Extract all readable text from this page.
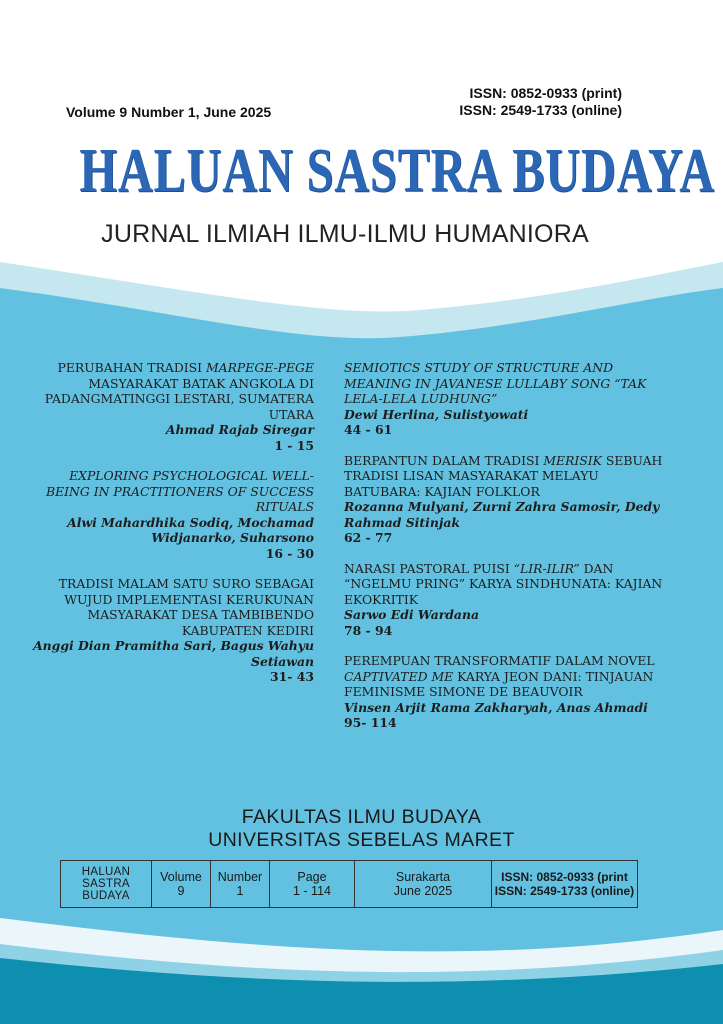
Volume 9 Number 1, June 2025
ISSN: 0852-0933 (print)
ISSN: 2549-1733 (online)
HALUAN SASTRA BUDAYA
JURNAL ILMIAH ILMU-ILMU HUMANIORA
PERUBAHAN TRADISI MARPEGE-PEGE MASYARAKAT BATAK ANGKOLA DI PADANGMATINGGI LESTARI, SUMATERA UTARA
Ahmad Rajab Siregar
1 - 15
EXPLORING PSYCHOLOGICAL WELL-BEING IN PRACTITIONERS OF SUCCESS RITUALS
Alwi Mahardhika Sodiq, Mochamad Widjanarko, Suharsono
16 - 30
TRADISI MALAM SATU SURO SEBAGAI WUJUD IMPLEMENTASI KERUKUNAN MASYARAKAT DESA TAMBIBENDO KABUPATEN KEDIRI
Anggi Dian Pramitha Sari, Bagus Wahyu Setiawan
31- 43
SEMIOTICS STUDY OF STRUCTURE AND MEANING IN JAVANESE LULLABY SONG “TAK LELA-LELA LUDHUNG”
Dewi Herlina, Sulistyowati
44 - 61
BERPANTUN DALAM TRADISI MERISIK SEBUAH TRADISI LISAN MASYARAKAT MELAYU BATUBARA: KAJIAN FOLKLOR
Rozanna Mulyani, Zurni Zahra Samosir, Dedy Rahmad Sitinjak
62 - 77
NARASI PASTORAL PUISI “LIR-ILIR” DAN “NGELMU PRING” KARYA SINDHUNATA: KAJIAN EKOKRITIK
Sarwo Edi Wardana
78 - 94
PEREMPUAN TRANSFORMATIF DALAM NOVEL CAPTIVATED ME KARYA JEON DANI: TINJAUAN FEMINISME SIMONE DE BEAUVOIR
Vinsen Arjit Rama Zakharyah, Anas Ahmadi
95- 114
FAKULTAS ILMU BUDAYA
UNIVERSITAS SEBELAS MARET
HALUAN
SASTRA
BUDAYA

Volume
9

Number
1

Page
1 - 114

Surakarta
June 2025

ISSN: 0852-0933 (print
ISSN: 2549-1733 (online)
